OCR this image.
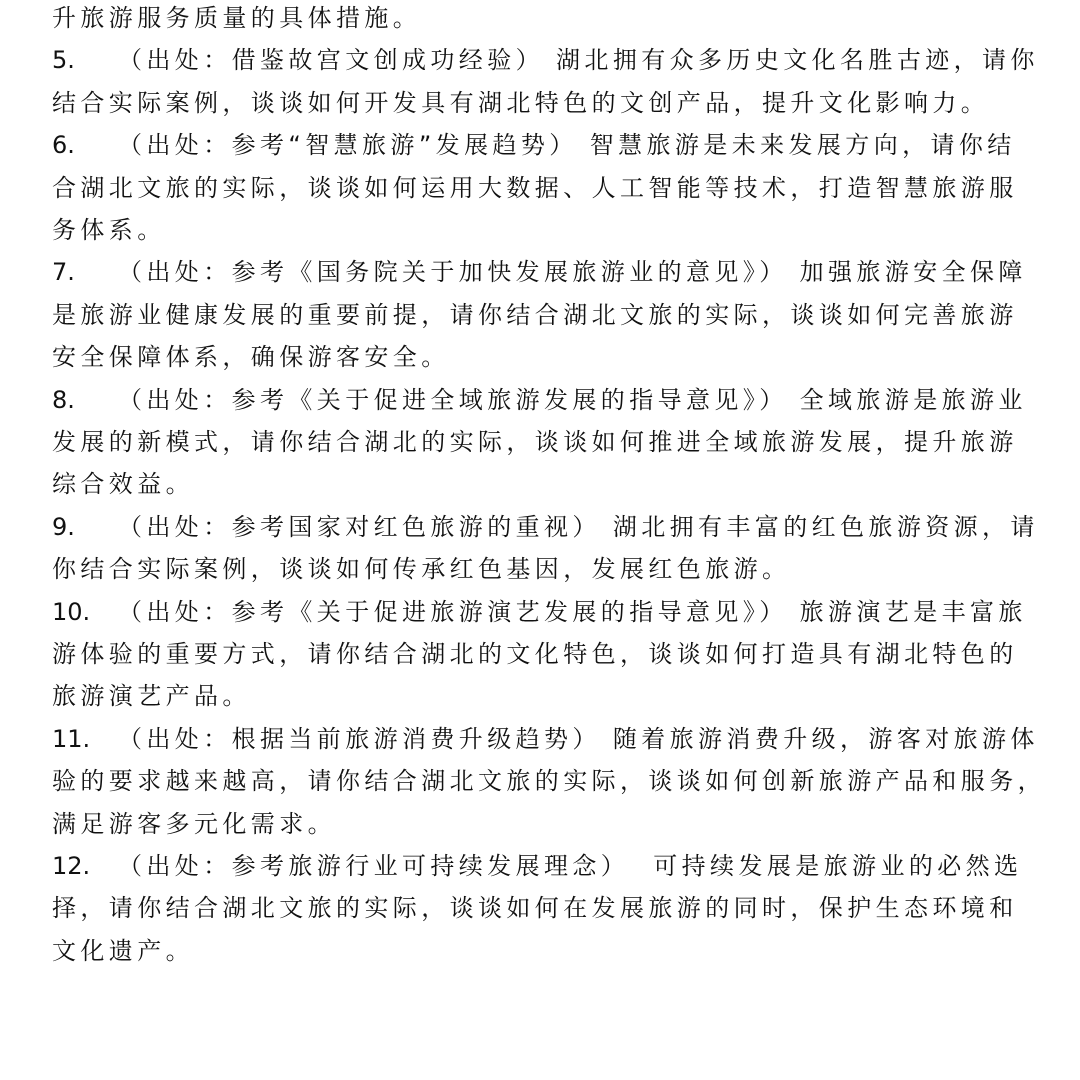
升旅游服务质量的具体措施。
5. （出处：借鉴故宫文创成功经验） 湖北拥有众多历史文化名胜古迹，请你
结合实际案例，谈谈如何开发具有湖北特色的文创产品，提升文化影响力。
6. （出处：参考“智慧旅游”发展趋势） 智慧旅游是未来发展方向，请你结
合湖北文旅的实际，谈谈如何运用大数据、人工智能等技术，打造智慧旅游服
务体系。
7. （出处：参考《国务院关于加快发展旅游业的意见》） 加强旅游安全保障
是旅游业健康发展的重要前提，请你结合湖北文旅的实际，谈谈如何完善旅游
安全保障体系，确保游客安全。
8. （出处：参考《关于促进全域旅游发展的指导意见》） 全域旅游是旅游业
发展的新模式，请你结合湖北的实际，谈谈如何推进全域旅游发展，提升旅游
综合效益。
9. （出处：参考国家对红色旅游的重视） 湖北拥有丰富的红色旅游资源，请
你结合实际案例，谈谈如何传承红色基因，发展红色旅游。
10. （出处：参考《关于促进旅游演艺发展的指导意见》） 旅游演艺是丰富旅
游体验的重要方式，请你结合湖北的文化特色，谈谈如何打造具有湖北特色的
旅游演艺产品。
11. （出处：根据当前旅游消费升级趋势） 随着旅游消费升级，游客对旅游体
验的要求越来越高，请你结合湖北文旅的实际，谈谈如何创新旅游产品和服务，
满足游客多元化需求。
12. （出处：参考旅游行业可持续发展理念）  可持续发展是旅游业的必然选
择，请你结合湖北文旅的实际，谈谈如何在发展旅游的同时，保护生态环境和
文化遗产。
